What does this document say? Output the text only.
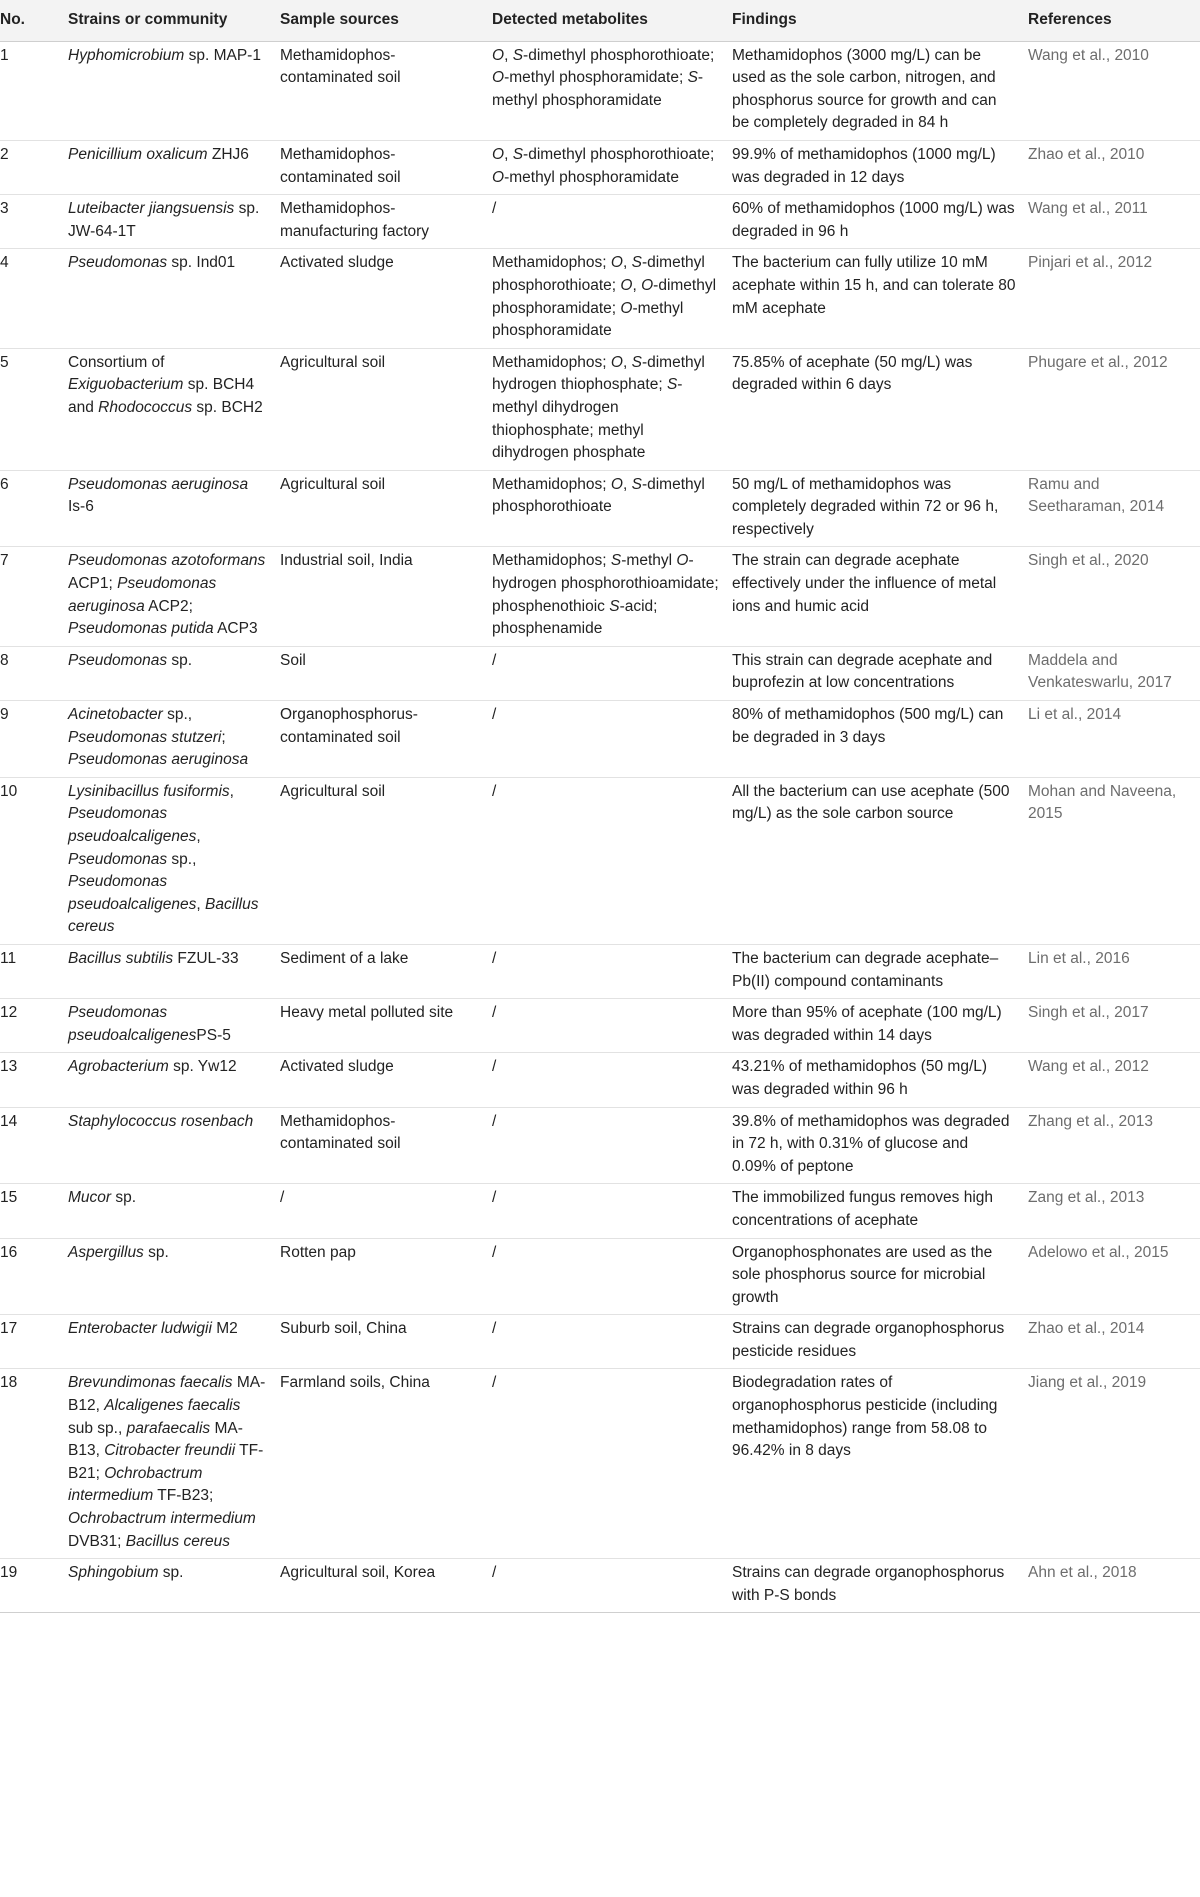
No.	Strains or community	Sample sources	Detected metabolites	Findings	References
1	Hyphomicrobium sp. MAP-1	Methamidophos-contaminated soil	O, S-dimethyl phosphorothioate; O-methyl phosphoramidate; S-methyl phosphoramidate	Methamidophos (3000 mg/L) can be used as the sole carbon, nitrogen, and phosphorus source for growth and can be completely degraded in 84 h	Wang et al., 2010
2	Penicillium oxalicum ZHJ6	Methamidophos-contaminated soil	O, S-dimethyl phosphorothioate; O-methyl phosphoramidate	99.9% of methamidophos (1000 mg/L) was degraded in 12 days	Zhao et al., 2010
3	Luteibacter jiangsuensis sp. JW-64-1T	Methamidophos-manufacturing factory	/	60% of methamidophos (1000 mg/L) was degraded in 96 h	Wang et al., 2011
4	Pseudomonas sp. Ind01	Activated sludge	Methamidophos; O, S-dimethyl phosphorothioate; O, O-dimethyl phosphoramidate; O-methyl phosphoramidate	The bacterium can fully utilize 10 mM acephate within 15 h, and can tolerate 80 mM acephate	Pinjari et al., 2012
5	Consortium of Exiguobacterium sp. BCH4 and Rhodococcus sp. BCH2	Agricultural soil	Methamidophos; O, S-dimethyl hydrogen thiophosphate; S-methyl dihydrogen thiophosphate; methyl dihydrogen phosphate	75.85% of acephate (50 mg/L) was degraded within 6 days	Phugare et al., 2012
6	Pseudomonas aeruginosa Is-6	Agricultural soil	Methamidophos; O, S-dimethyl phosphorothioate	50 mg/L of methamidophos was completely degraded within 72 or 96 h, respectively	Ramu and Seetharaman, 2014
7	Pseudomonas azotoformans ACP1; Pseudomonas aeruginosa ACP2; Pseudomonas putida ACP3	Industrial soil, India	Methamidophos; S-methyl O-hydrogen phosphorothioamidate; phosphenothioic S-acid; phosphenamide	The strain can degrade acephate effectively under the influence of metal ions and humic acid	Singh et al., 2020
8	Pseudomonas sp.	Soil	/	This strain can degrade acephate and buprofezin at low concentrations	Maddela and Venkateswarlu, 2017
9	Acinetobacter sp., Pseudomonas stutzeri; Pseudomonas aeruginosa	Organophosphorus-contaminated soil	/	80% of methamidophos (500 mg/L) can be degraded in 3 days	Li et al., 2014
10	Lysinibacillus fusiformis, Pseudomonas pseudoalcaligenes, Pseudomonas sp., Pseudomonas pseudoalcaligenes, Bacillus cereus	Agricultural soil	/	All the bacterium can use acephate (500 mg/L) as the sole carbon source	Mohan and Naveena, 2015
11	Bacillus subtilis FZUL-33	Sediment of a lake	/	The bacterium can degrade acephate–Pb(II) compound contaminants	Lin et al., 2016
12	Pseudomonas pseudoalcaligenesPS-5	Heavy metal polluted site	/	More than 95% of acephate (100 mg/L) was degraded within 14 days	Singh et al., 2017
13	Agrobacterium sp. Yw12	Activated sludge	/	43.21% of methamidophos (50 mg/L) was degraded within 96 h	Wang et al., 2012
14	Staphylococcus rosenbach	Methamidophos-contaminated soil	/	39.8% of methamidophos was degraded in 72 h, with 0.31% of glucose and 0.09% of peptone	Zhang et al., 2013
15	Mucor sp.	/	/	The immobilized fungus removes high concentrations of acephate	Zang et al., 2013
16	Aspergillus sp.	Rotten pap	/	Organophosphonates are used as the sole phosphorus source for microbial growth	Adelowo et al., 2015
17	Enterobacter ludwigii M2	Suburb soil, China	/	Strains can degrade organophosphorus pesticide residues	Zhao et al., 2014
18	Brevundimonas faecalis MA-B12, Alcaligenes faecalis sub sp., parafaecalis MA-B13, Citrobacter freundii TF-B21; Ochrobactrum intermedium TF-B23; Ochrobactrum intermedium DVB31; Bacillus cereus	Farmland soils, China	/	Biodegradation rates of organophosphorus pesticide (including methamidophos) range from 58.08 to 96.42% in 8 days	Jiang et al., 2019
19	Sphingobium sp.	Agricultural soil, Korea	/	Strains can degrade organophosphorus with P-S bonds	Ahn et al., 2018
